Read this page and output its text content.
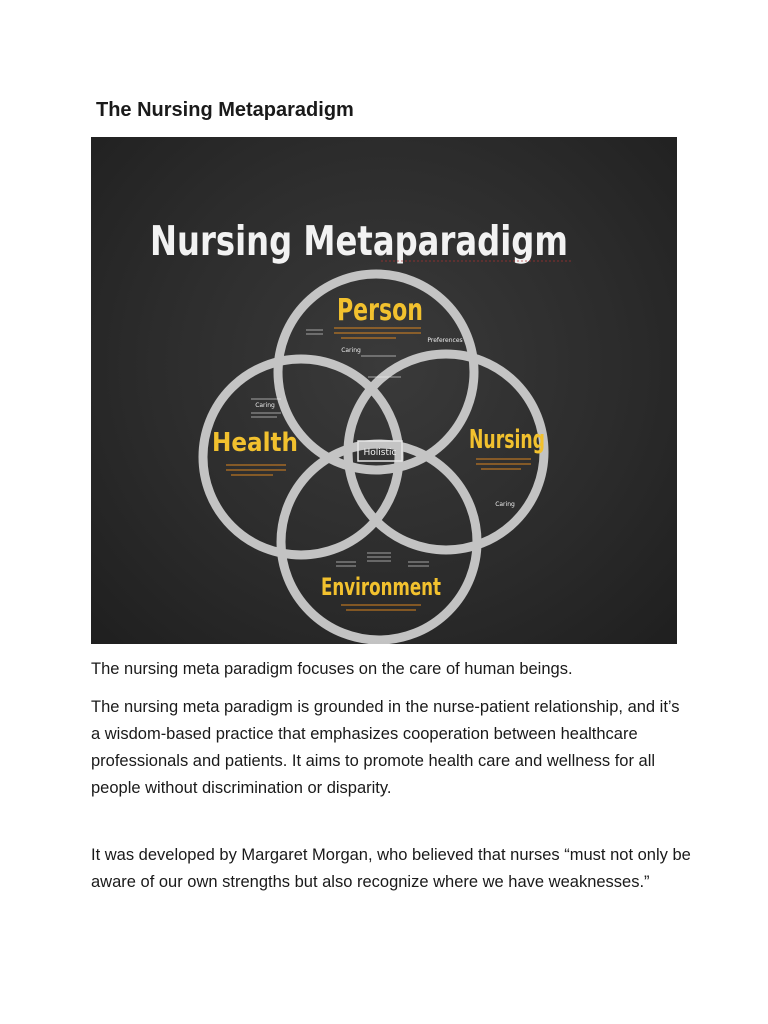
The Nursing Metaparadigm
Nursing Metaparadigm
Person
Health	Nursing
Environment
Holistic
Caring
Preferences
Caring
Caring

The nursing meta paradigm focuses on the care of human beings.

The nursing meta paradigm is grounded in the nurse-patient relationship, and it’s a wisdom-based practice that emphasizes cooperation between healthcare professionals and patients. It aims to promote health care and wellness for all people without discrimination or disparity.

It was developed by Margaret Morgan, who believed that nurses “must not only be aware of our own strengths but also recognize where we have weaknesses.”
